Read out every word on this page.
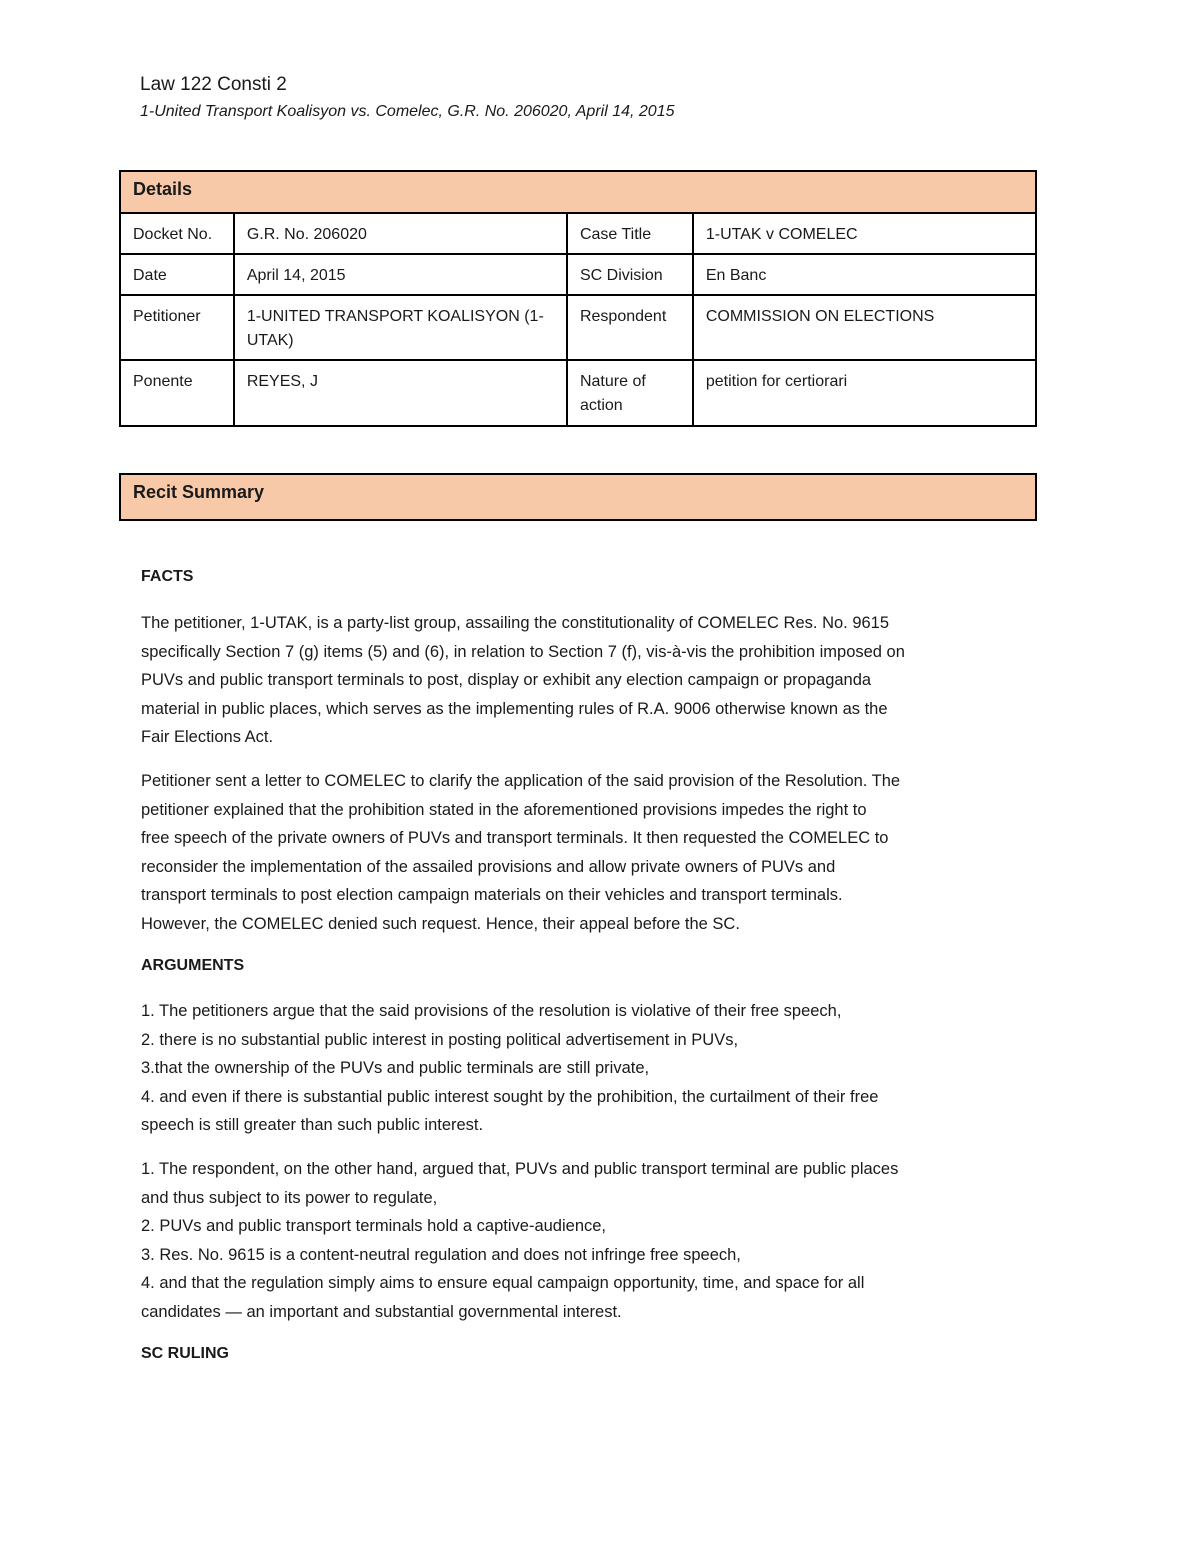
Law 122 Consti 2

1-United Transport Koalisyon vs. Comelec, G.R. No. 206020, April 14, 2015

Details			
Docket No.	G.R. No. 206020	Case Title	1-UTAK v COMELEC
Date	April 14, 2015	SC Division	En Banc
Petitioner	1-UNITED TRANSPORT KOALISYON (1-UTAK)	Respondent	COMMISSION ON ELECTIONS
Ponente	REYES, J	Nature of action	petition for certiorari
Recit Summary

FACTS

The petitioner, 1-UTAK, is a party-list group, assailing the constitutionality of COMELEC Res. No. 9615
specifically Section 7 (g) items (5) and (6), in relation to Section 7 (f), vis-à-vis the prohibition imposed on
PUVs and public transport terminals to post, display or exhibit any election campaign or propaganda
material in public places, which serves as the implementing rules of R.A. 9006 otherwise known as the
Fair Elections Act.

Petitioner sent a letter to COMELEC to clarify the application of the said provision of the Resolution. The
petitioner explained that the prohibition stated in the aforementioned provisions impedes the right to
free speech of the private owners of PUVs and transport terminals. It then requested the COMELEC to
reconsider the implementation of the assailed provisions and allow private owners of PUVs and
transport terminals to post election campaign materials on their vehicles and transport terminals.
However, the COMELEC denied such request. Hence, their appeal before the SC.

ARGUMENTS

1. The petitioners argue that the said provisions of the resolution is violative of their free speech,
2. there is no substantial public interest in posting political advertisement in PUVs,
3.that the ownership of the PUVs and public terminals are still private,
4. and even if there is substantial public interest sought by the prohibition, the curtailment of their free
speech is still greater than such public interest.

1. The respondent, on the other hand, argued that, PUVs and public transport terminal are public places
and thus subject to its power to regulate,
2. PUVs and public transport terminals hold a captive-audience,
3. Res. No. 9615 is a content-neutral regulation and does not infringe free speech,
4. and that the regulation simply aims to ensure equal campaign opportunity, time, and space for all
candidates — an important and substantial governmental interest.

SC RULING
